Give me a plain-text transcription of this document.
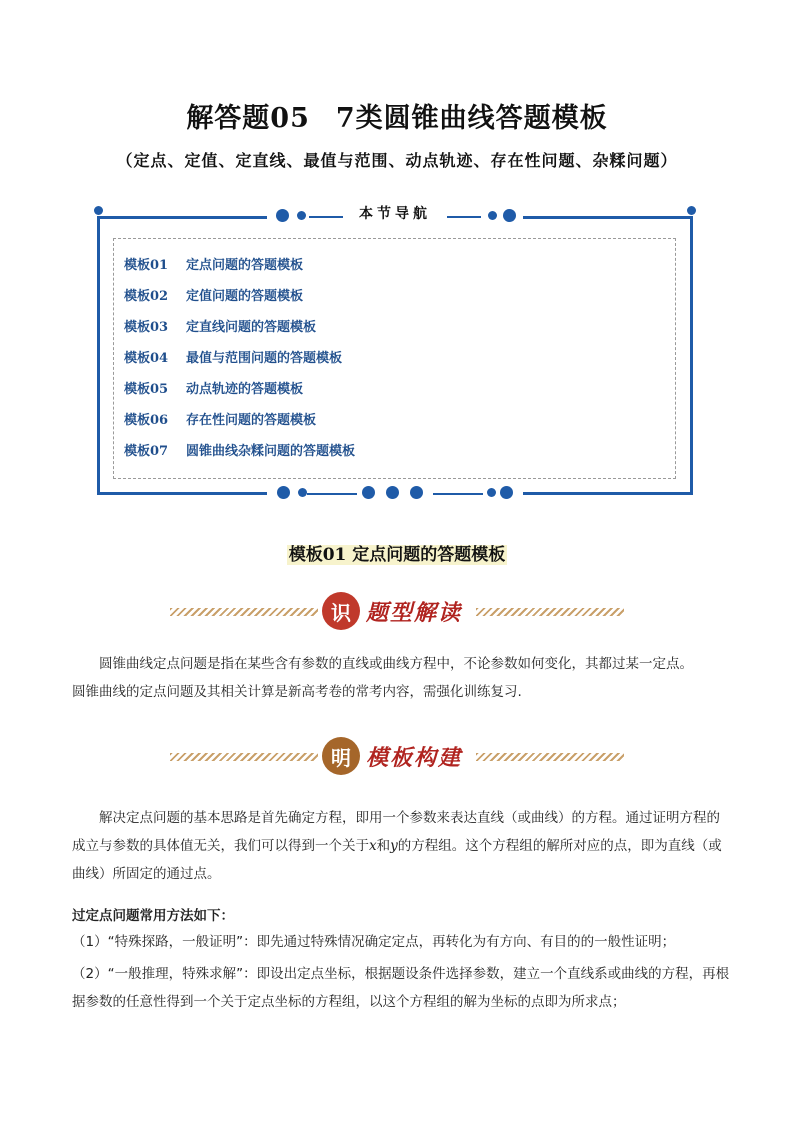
解答题05 7类圆锥曲线答题模板
（定点、定值、定直线、最值与范围、动点轨迹、存在性问题、杂糅问题）
本节导航
模板01 定点问题的答题模板
模板02 定值问题的答题模板
模板03 定直线问题的答题模板
模板04 最值与范围问题的答题模板
模板05 动点轨迹的答题模板
模板06 存在性问题的答题模板
模板07 圆锥曲线杂糅问题的答题模板
模板01 定点问题的答题模板
识 题型解读

圆锥曲线定点问题是指在某些含有参数的直线或曲线方程中，不论参数如何变化，其都过某一定点。

圆锥曲线的定点问题及其相关计算是新高考卷的常考内容，需强化训练复习.

明 模板构建

解决定点问题的基本思路是首先确定方程，即用一个参数来表达直线（或曲线）的方程。通过证明方程的成立与参数的具体值无关，我们可以得到一个关于x和y的方程组。这个方程组的解所对应的点，即为直线（或曲线）所固定的通过点。

过定点问题常用方法如下：
（1）“特殊探路，一般证明”：即先通过特殊情况确定定点，再转化为有方向、有目的的一般性证明；
（2）“一般推理，特殊求解”：即设出定点坐标，根据题设条件选择参数，建立一个直线系或曲线的方程，再根据参数的任意性得到一个关于定点坐标的方程组，以这个方程组的解为坐标的点即为所求点；
